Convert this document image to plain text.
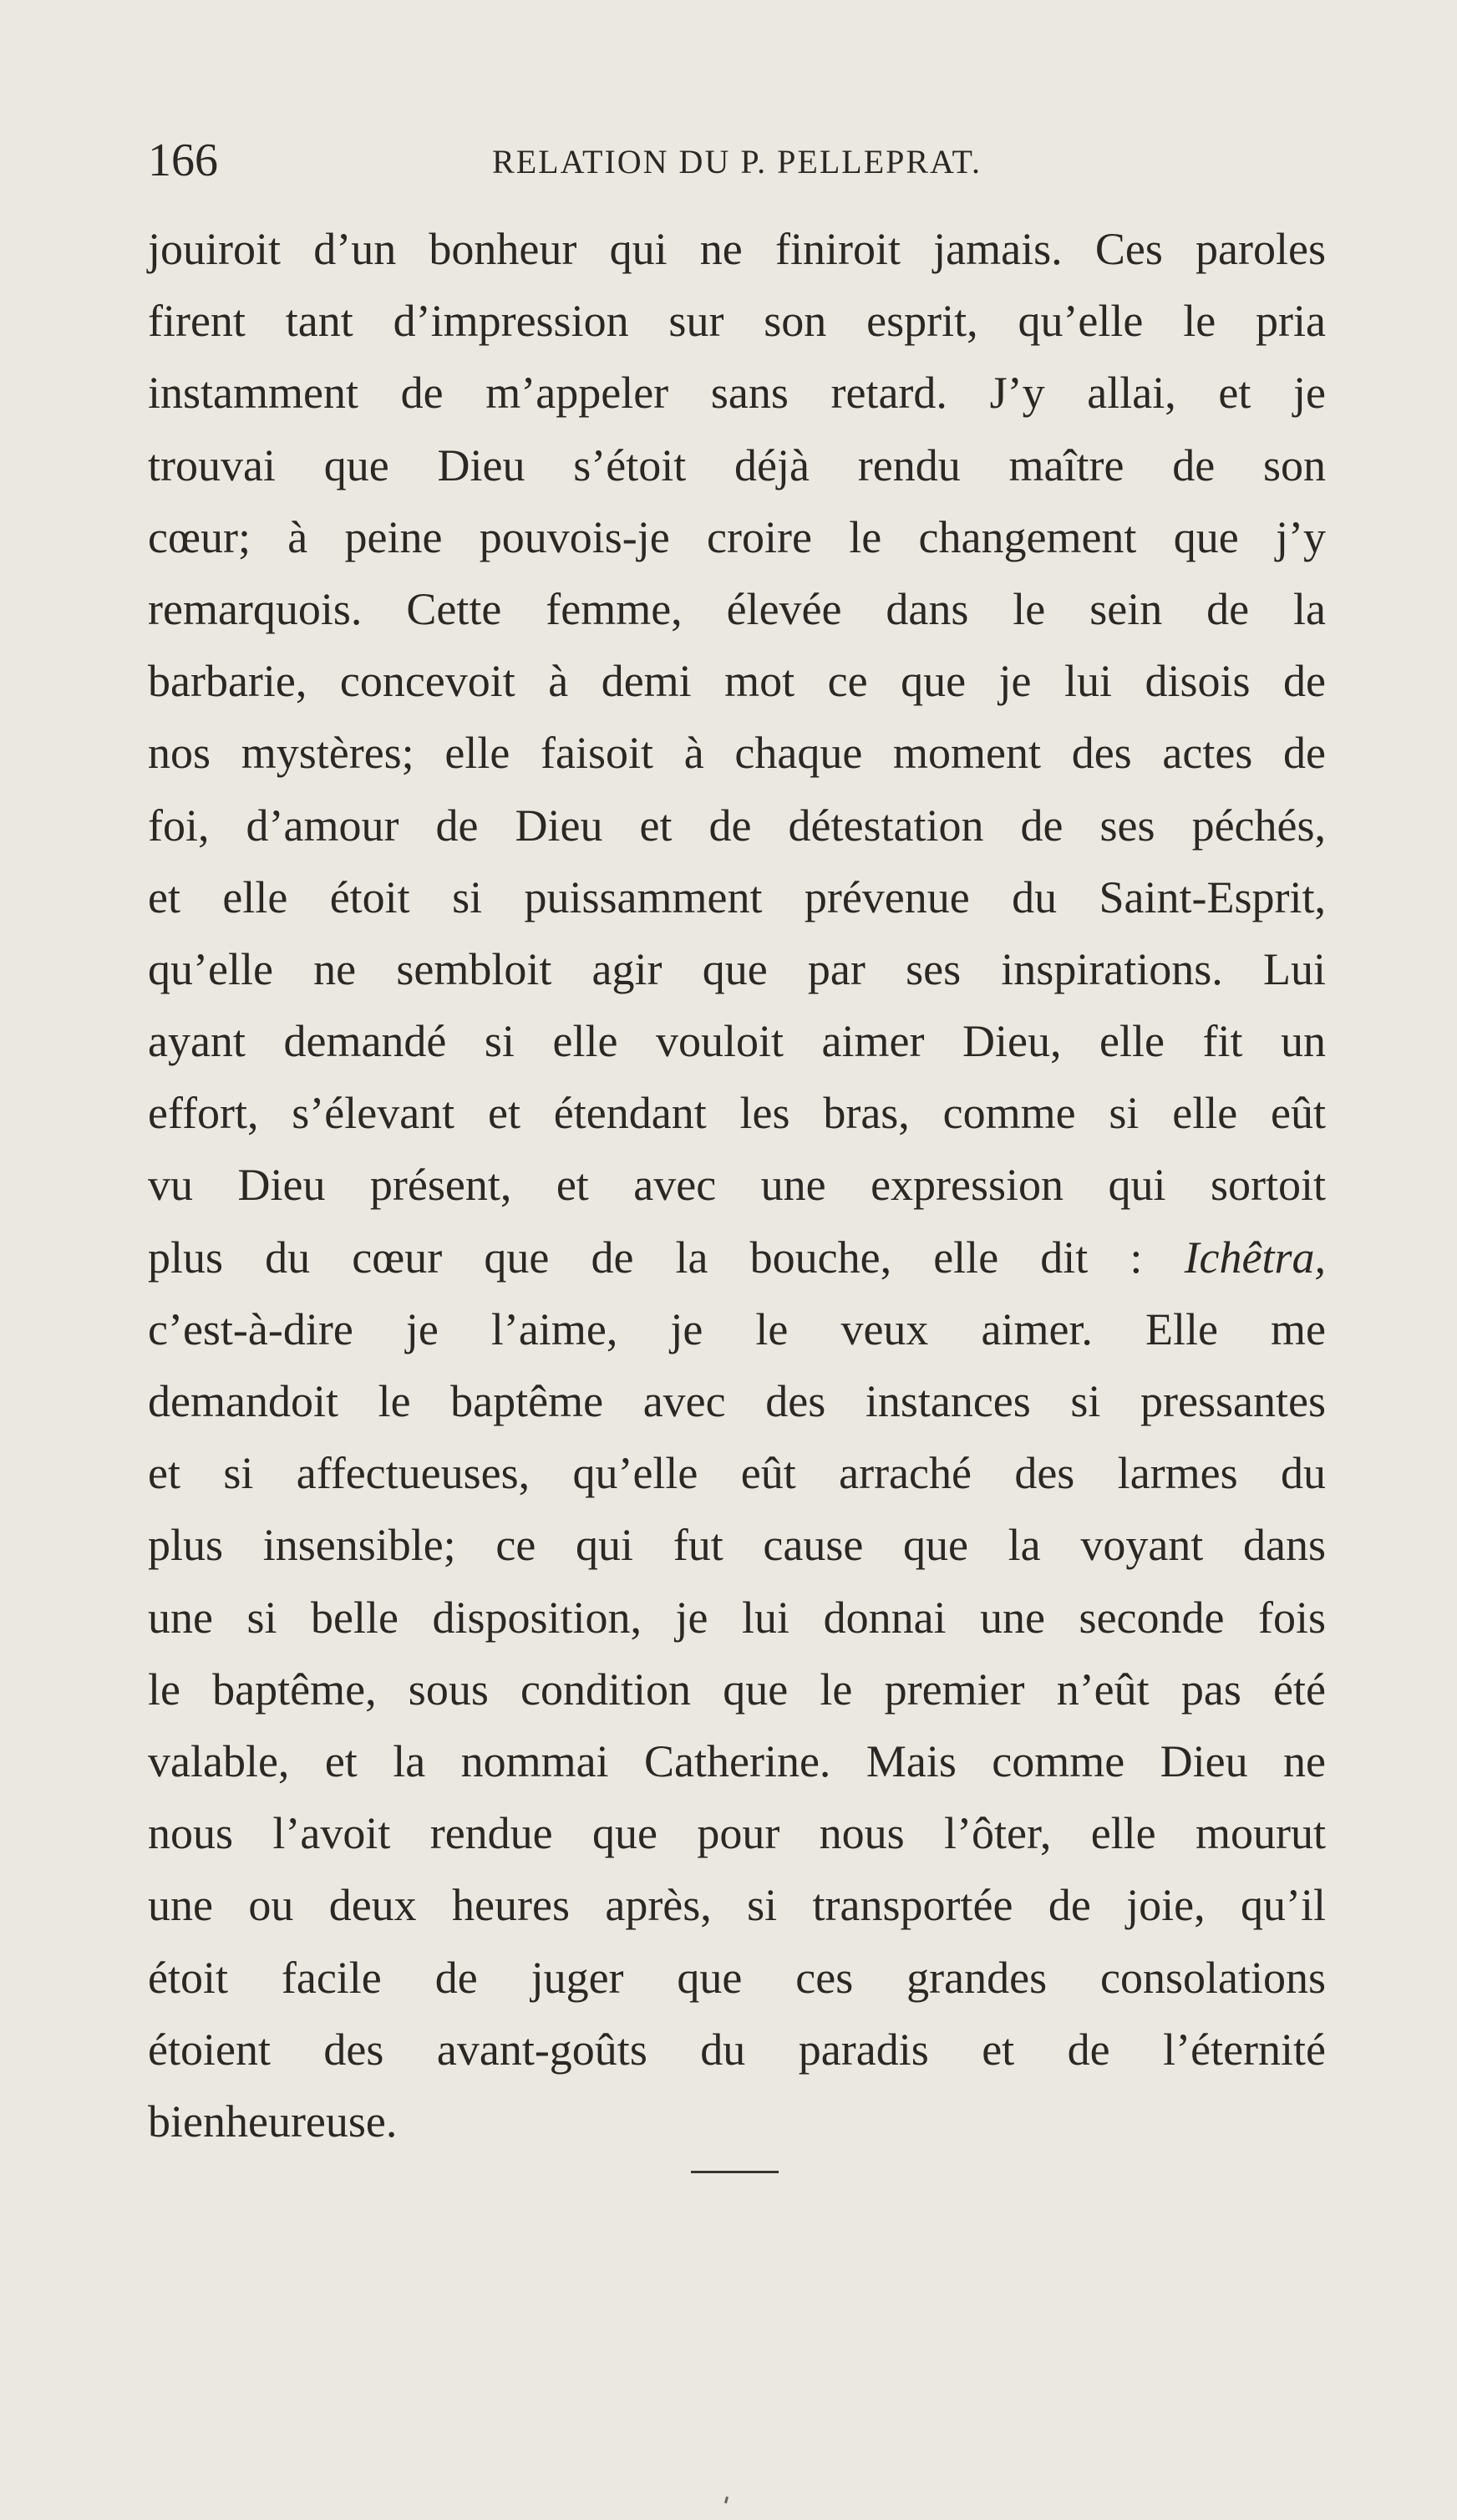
166	RELATION DU P. PELLEPRAT.
jouiroit d’un bonheur qui ne finiroit jamais. Ces paroles
firent tant d’impression sur son esprit, qu’elle le pria
instamment de m’appeler sans retard. J’y allai, et je
trouvai que Dieu s’étoit déjà rendu maître de son
cœur; à peine pouvois-je croire le changement que j’y
remarquois. Cette femme, élevée dans le sein de la
barbarie, concevoit à demi mot ce que je lui disois de
nos mystères; elle faisoit à chaque moment des actes de
foi, d’amour de Dieu et de détestation de ses péchés,
et elle étoit si puissamment prévenue du Saint-Esprit,
qu’elle ne sembloit agir que par ses inspirations. Lui
ayant demandé si elle vouloit aimer Dieu, elle fit un
effort, s’élevant et étendant les bras, comme si elle eût
vu Dieu présent, et avec une expression qui sortoit
plus du cœur que de la bouche, elle dit : Ichêtra,
c’est-à-dire je l’aime, je le veux aimer. Elle me
demandoit le baptême avec des instances si pressantes
et si affectueuses, qu’elle eût arraché des larmes du
plus insensible; ce qui fut cause que la voyant dans
une si belle disposition, je lui donnai une seconde fois
le baptême, sous condition que le premier n’eût pas été
valable, et la nommai Catherine. Mais comme Dieu ne
nous l’avoit rendue que pour nous l’ôter, elle mourut
une ou deux heures après, si transportée de joie, qu’il
étoit facile de juger que ces grandes consolations
étoient des avant-goûts du paradis et de l’éternité
bienheureuse.
